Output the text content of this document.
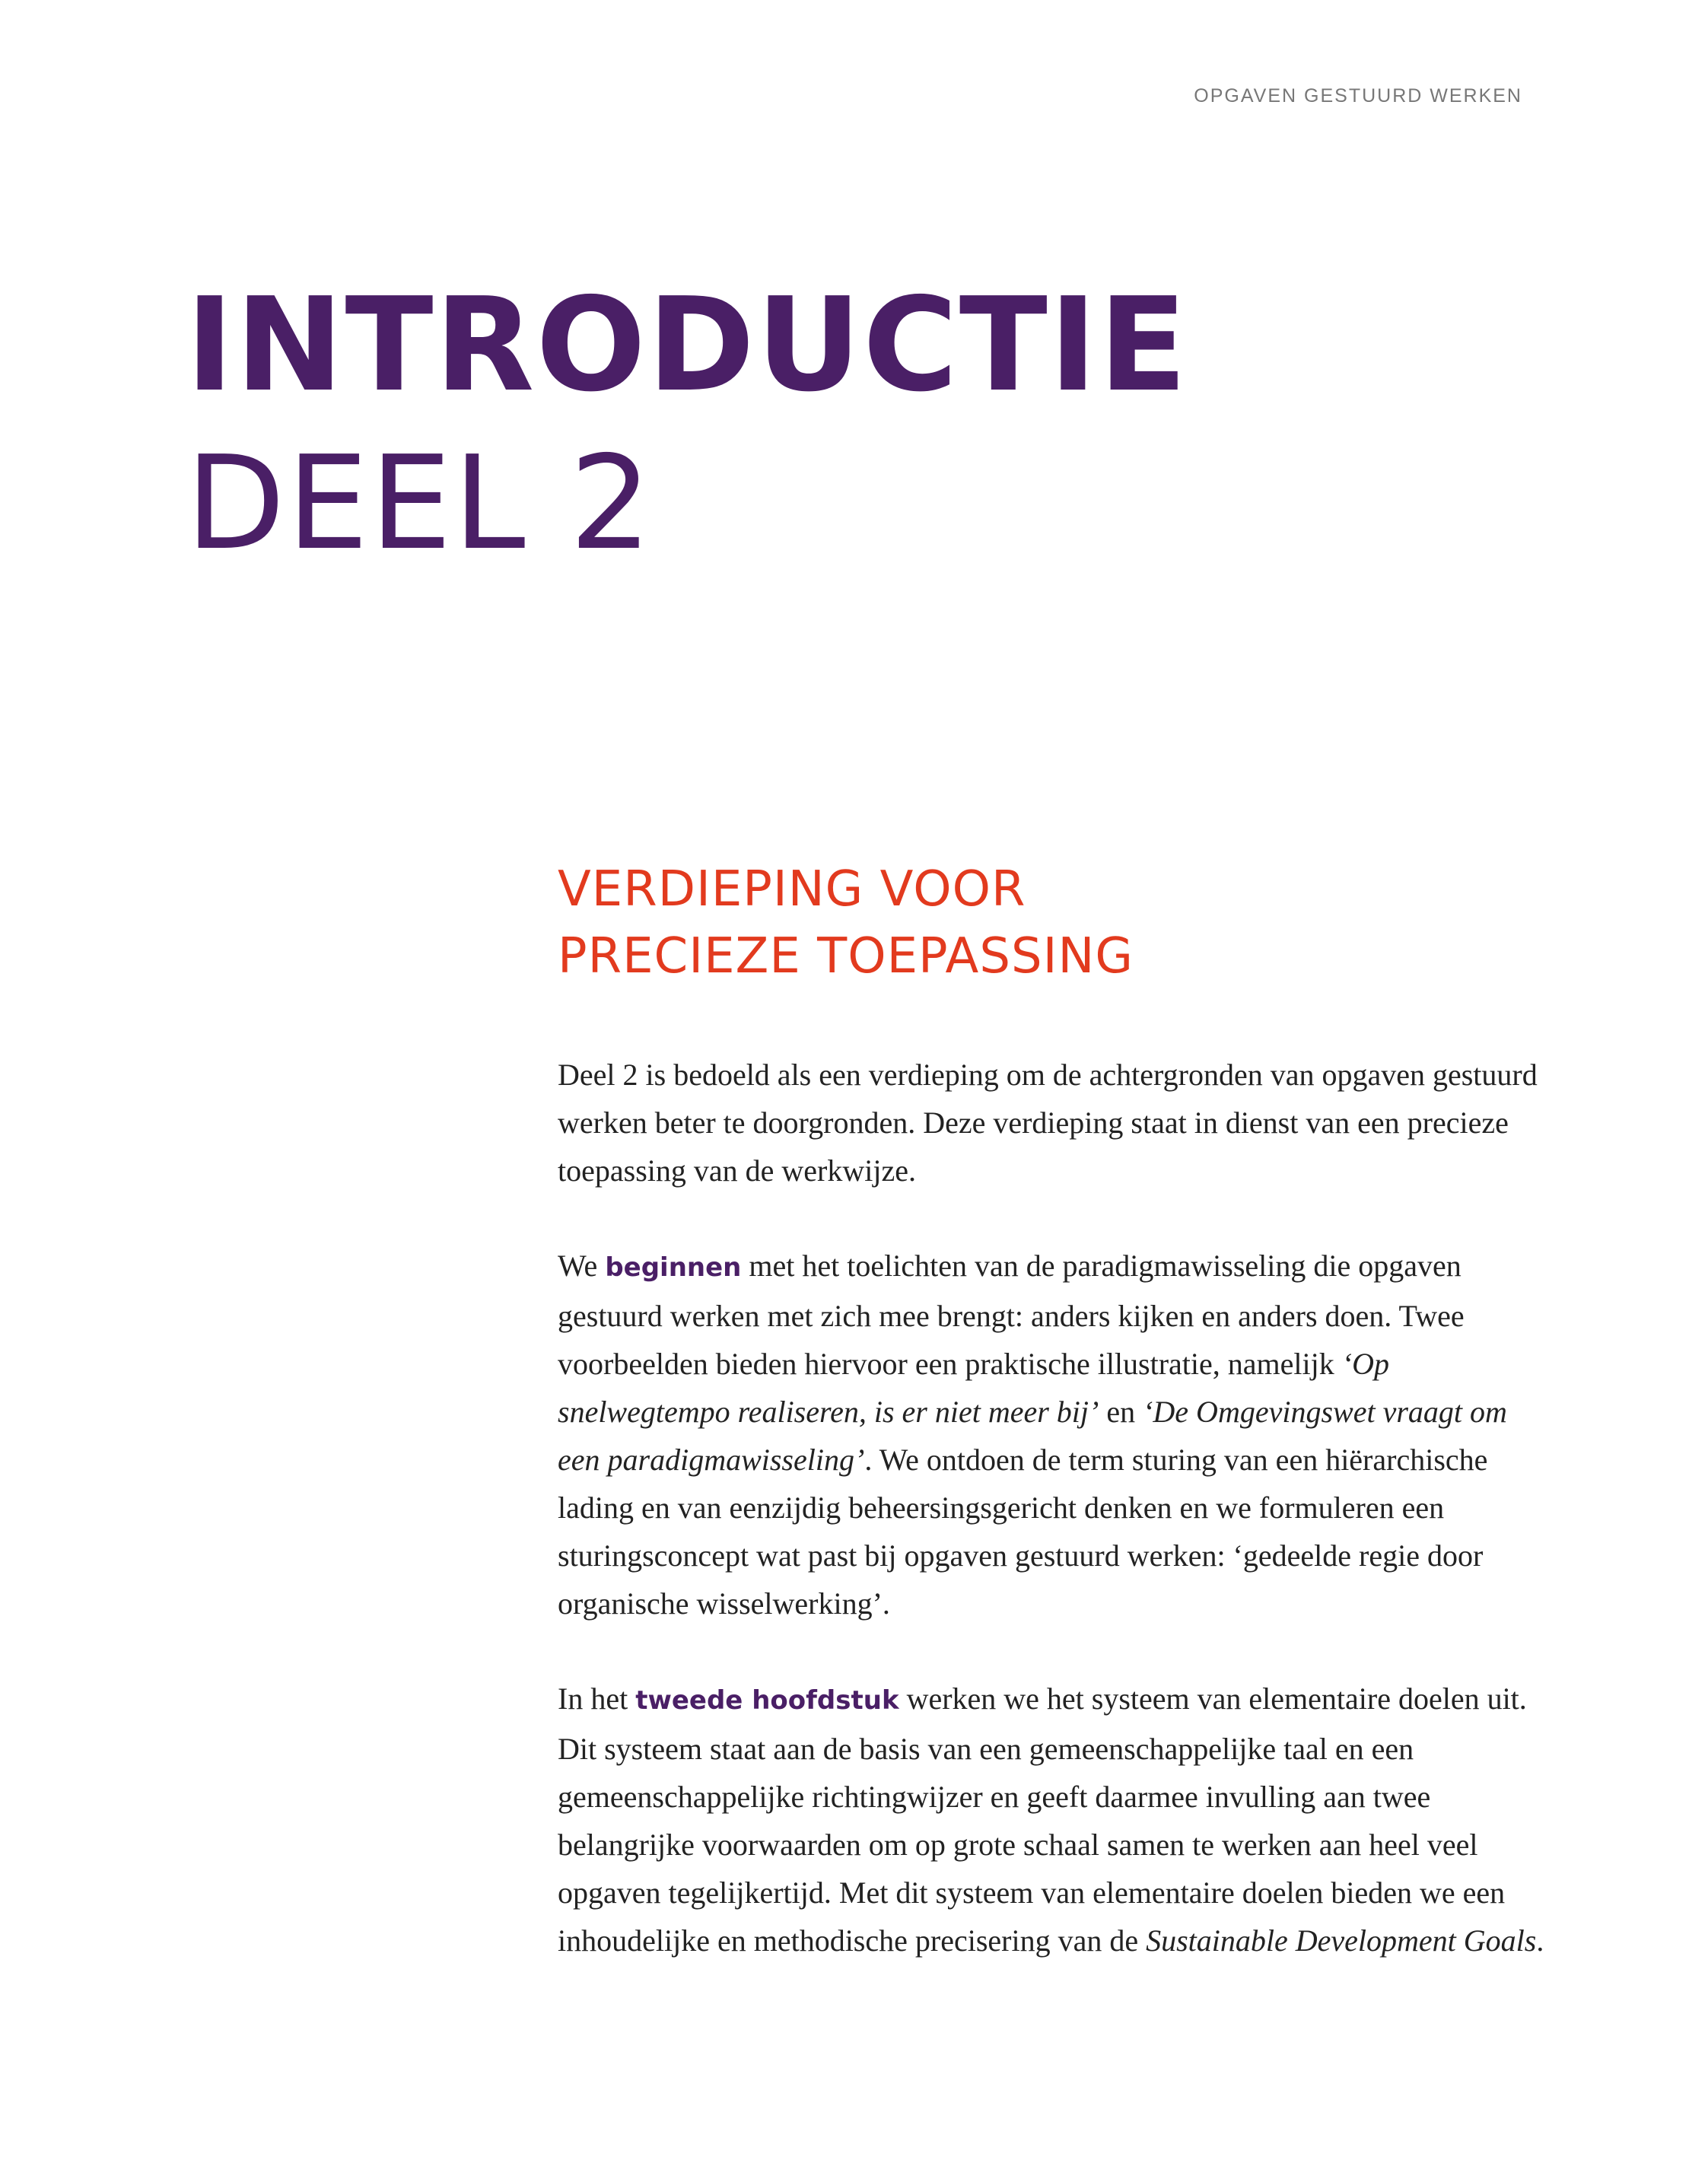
OPGAVEN GESTUURD WERKEN
INTRODUCTIE
DEEL 2
VERDIEPING VOOR
PRECIEZE TOEPASSING

Deel 2 is bedoeld als een verdieping om de achtergronden van opgaven gestuurd werken beter te doorgronden. Deze verdieping staat in dienst van een precieze toepassing van de werkwijze.

We beginnen met het toelichten van de paradigmawisseling die opgaven gestuurd werken met zich mee brengt: anders kijken en anders doen. Twee voorbeelden bieden hiervoor een praktische illustratie, namelijk ‘Op snelwegtempo realiseren, is er niet meer bij’ en ‘De Omgevingswet vraagt om een paradigmawisseling’. We ontdoen de term sturing van een hiërarchische lading en van eenzijdig beheersingsgericht denken en we formuleren een sturingsconcept wat past bij opgaven gestuurd werken: ‘gedeelde regie door organische wisselwerking’.

In het tweede hoofdstuk werken we het systeem van elementaire doelen uit. Dit systeem staat aan de basis van een gemeenschappelijke taal en een gemeenschappelijke richtingwijzer en geeft daarmee invulling aan twee belangrijke voorwaarden om op grote schaal samen te werken aan heel veel opgaven tegelijkertijd. Met dit systeem van elementaire doelen bieden we een inhoudelijke en methodische precisering van de Sustainable Development Goals.
